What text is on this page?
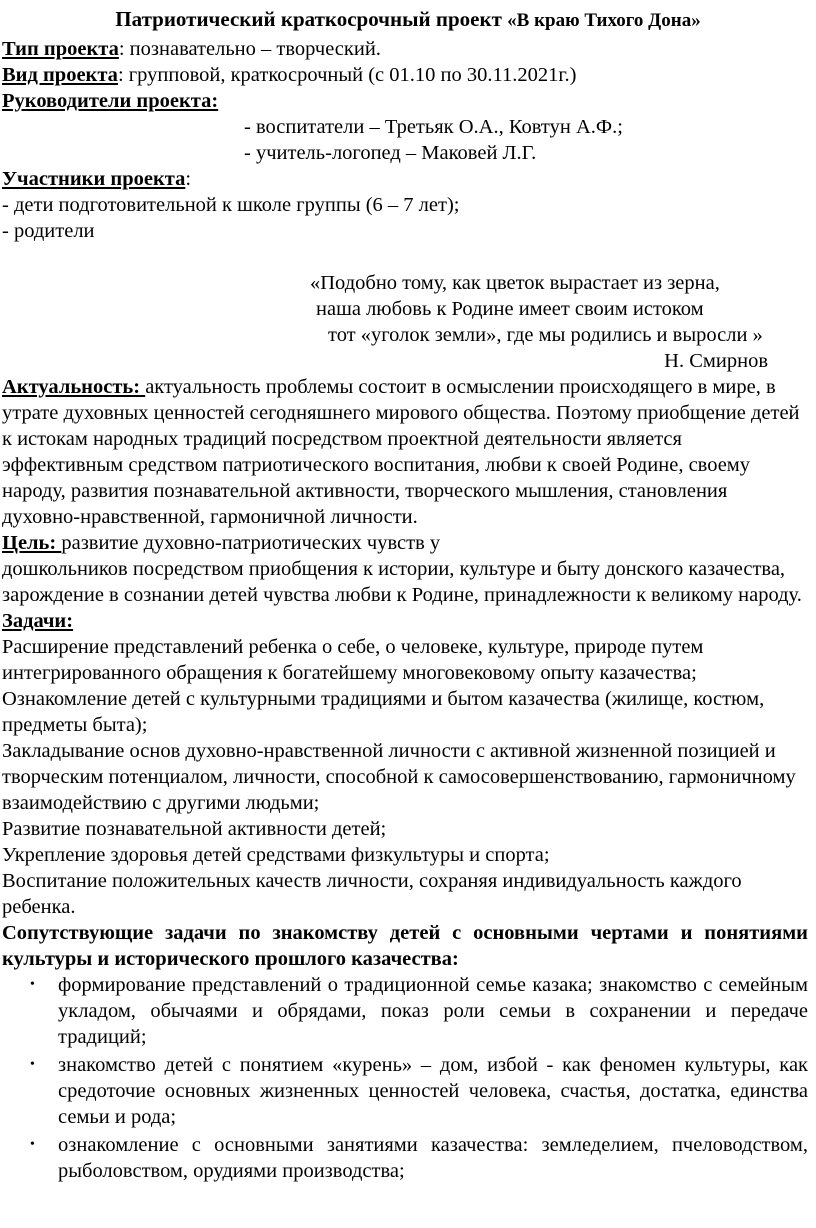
Патриотический краткосрочный проект «В краю Тихого Дона»

Тип проекта: познавательно – творческий.

Вид проекта: групповой, краткосрочный (с 01.10 по 30.11.2021г.)

Руководители проекта:

- воспитатели – Третьяк О.А., Ковтун А.Ф.;

- учитель-логопед – Маковей Л.Г.

Участники проекта:

- дети подготовительной к школе группы (6 – 7 лет);

- родители

«Подобно тому, как цветок вырастает из зерна,

наша любовь к Родине имеет своим истоком

тот «уголок земли», где мы родились и выросли »

Н. Смирнов

Актуальность: актуальность проблемы состоит в осмыслении происходящего в мире, в утрате духовных ценностей сегодняшнего мирового общества. Поэтому приобщение детей к истокам народных традиций посредством проектной деятельности является эффективным средством патриотического воспитания, любви к своей Родине, своему народу, развития познавательной активности, творческого мышления, становления духовно-нравственной, гармоничной личности.

Цель: развитие духовно-патриотических чувств у

дошкольников посредством приобщения к истории, культуре и быту донского казачества, зарождение в сознании детей чувства любви к Родине, принадлежности к великому народу.

Задачи:

Расширение представлений ребенка о себе, о человеке, культуре, природе путем интегрированного обращения к богатейшему многовековому опыту казачества;

Ознакомление детей с культурными традициями и бытом казачества (жилище, костюм, предметы быта);

Закладывание основ духовно-нравственной личности с активной жизненной позицией и творческим потенциалом, личности, способной к самосовершенствованию, гармоничному взаимодействию с другими людьми;

Развитие познавательной активности детей;

Укрепление здоровья детей средствами физкультуры и спорта;

Воспитание положительных качеств личности, сохраняя индивидуальность каждого ребенка.

Сопутствующие задачи по знакомству детей с основными чертами и понятиями культуры и исторического прошлого казачества:

• формирование представлений о традиционной семье казака; знакомство с семейным укладом, обычаями и обрядами, показ роли семьи в сохранении и передаче традиций;
• знакомство детей с понятием «курень» – дом, избой - как феномен культуры, как средоточие основных жизненных ценностей человека, счастья, достатка, единства семьи и рода;
• ознакомление с основными занятиями казачества: земледелием, пчеловодством, рыболовством, орудиями производства;
